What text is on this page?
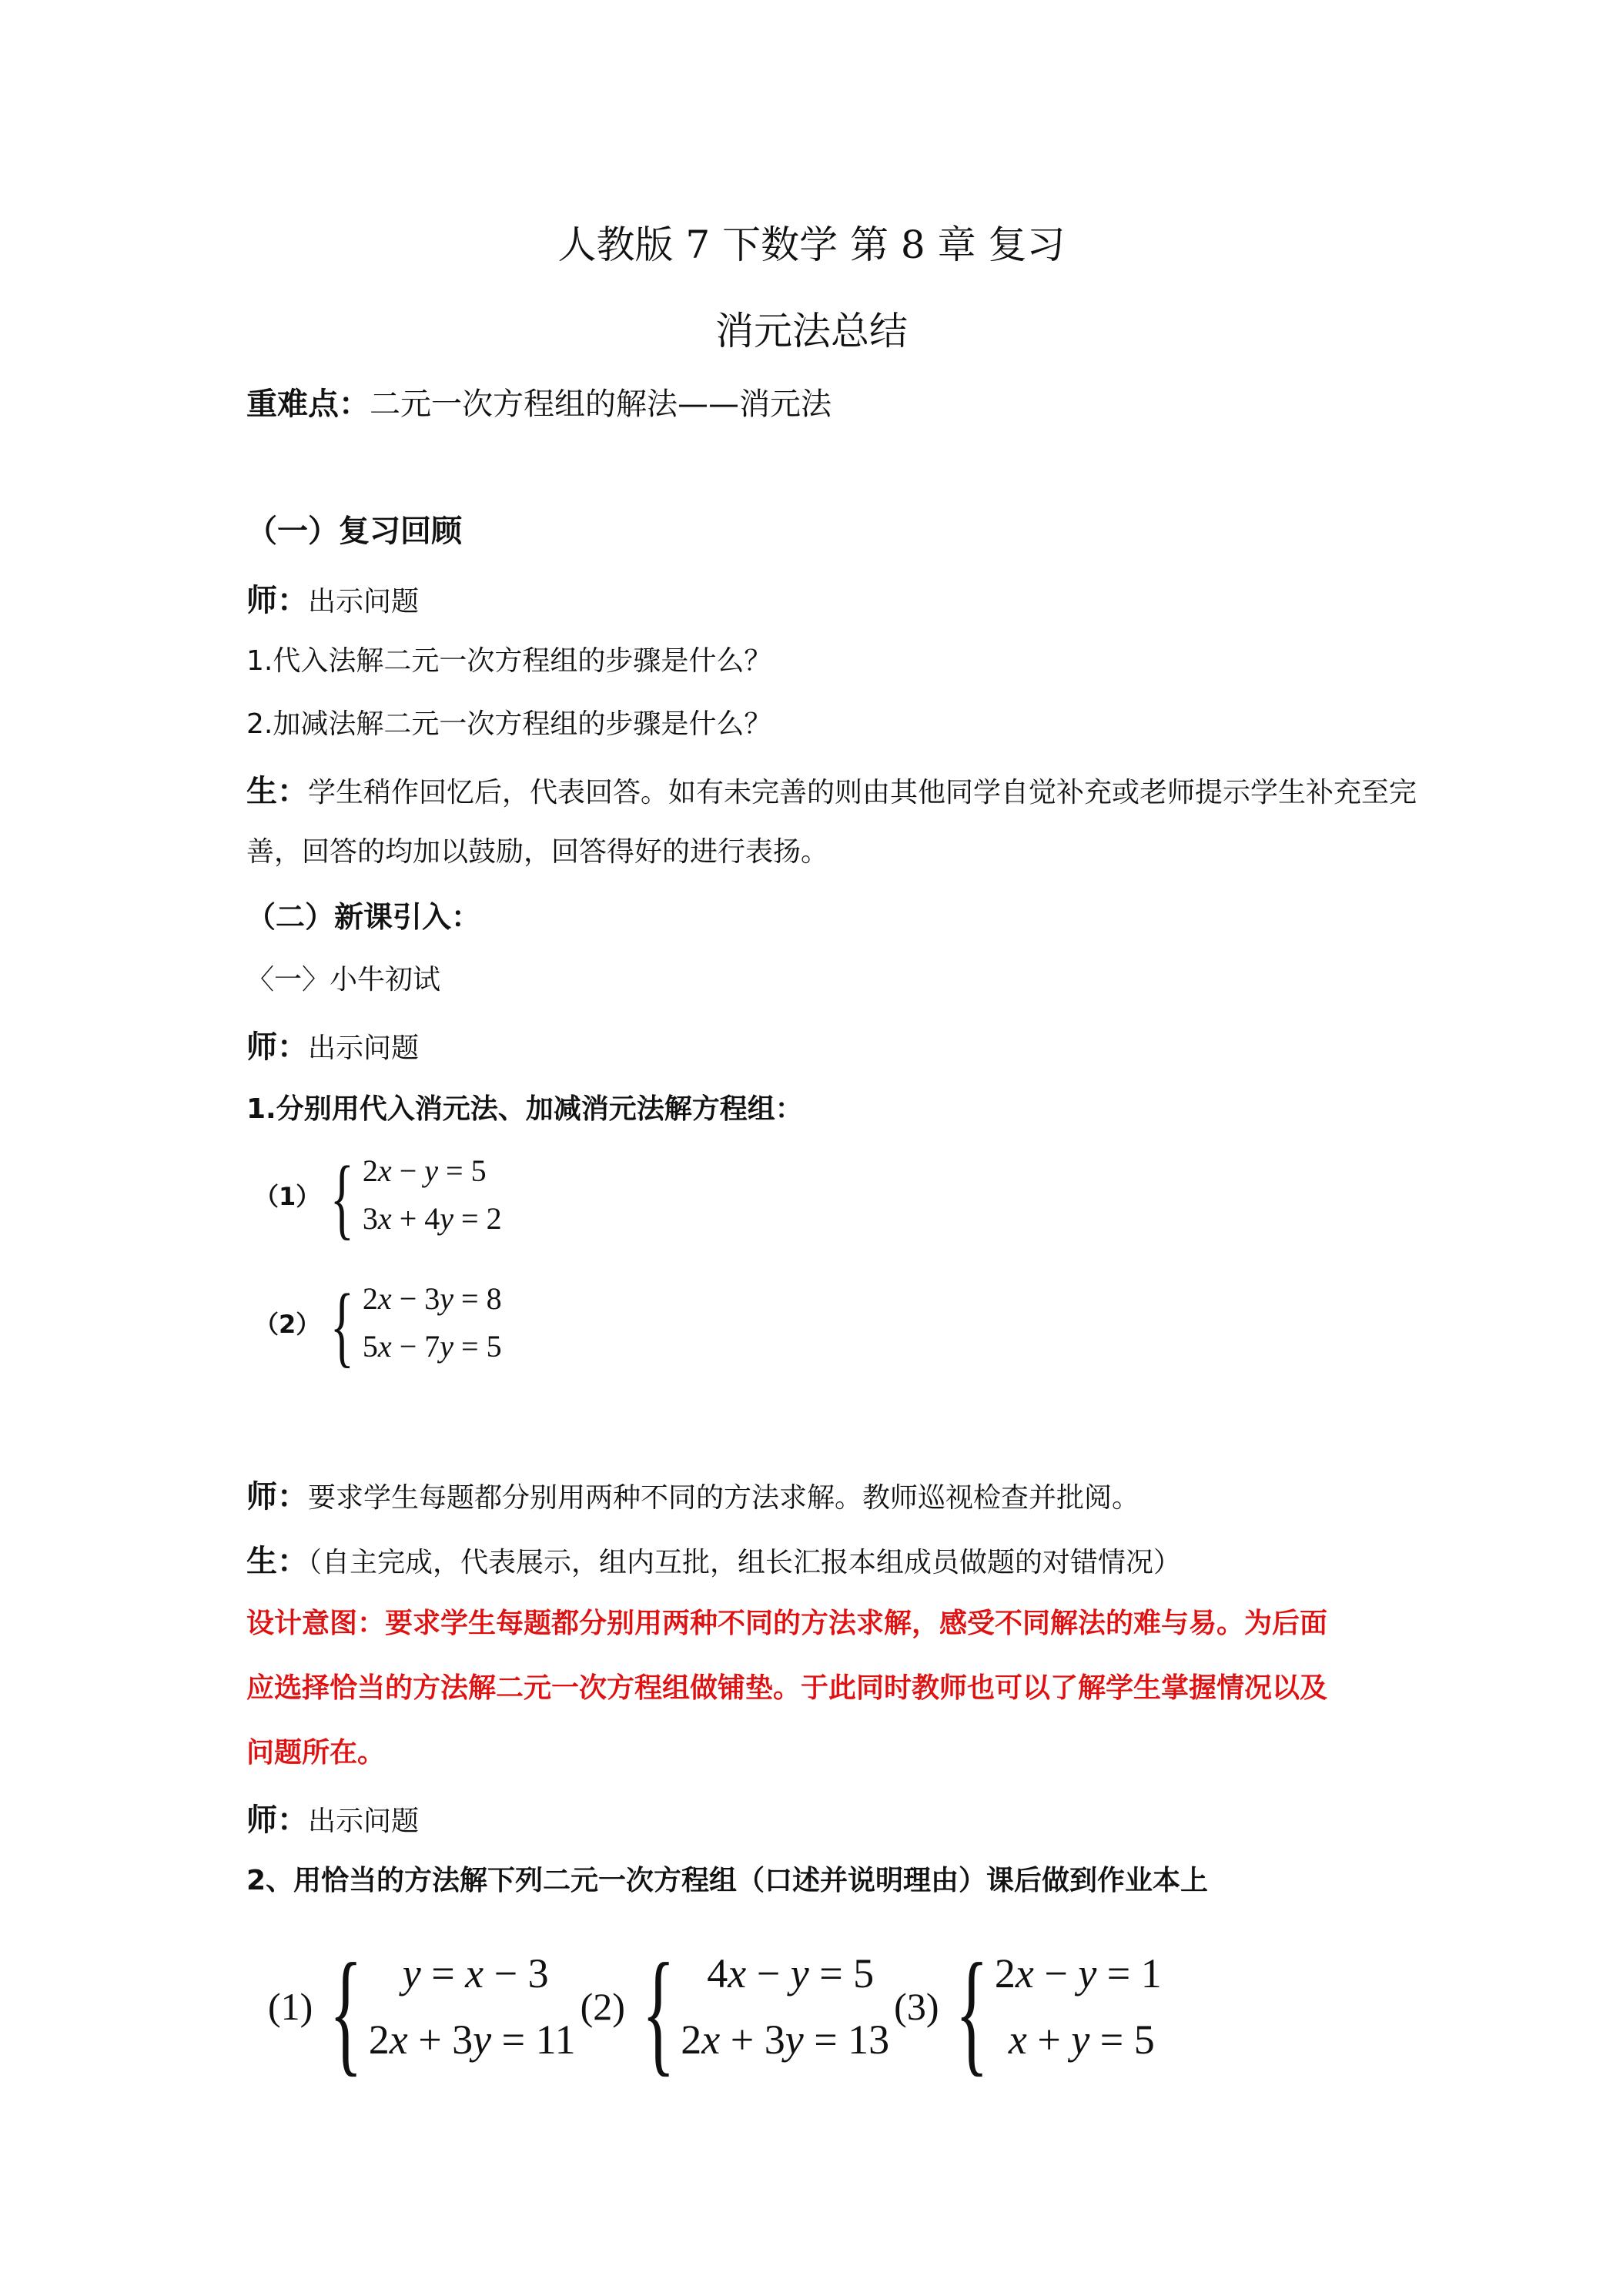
人教版 7 下数学 第 8 章 复习
消元法总结
重难点：二元一次方程组的解法——消元法
（一）复习回顾
师：出示问题
1.代入法解二元一次方程组的步骤是什么？
2.加减法解二元一次方程组的步骤是什么？
生：学生稍作回忆后，代表回答。如有未完善的则由其他同学自觉补充或老师提示学生补充至完
善，回答的均加以鼓励，回答得好的进行表扬。
（二）新课引入：
〈一〉小牛初试
师：出示问题
1.分别用代入消元法、加减消元法解方程组：
（1） { 2x − y = 5
3x + 4y = 2
（2） { 2x − 3y = 8
5x − 7y = 5
师：要求学生每题都分别用两种不同的方法求解。教师巡视检查并批阅。
生：（自主完成，代表展示，组内互批，组长汇报本组成员做题的对错情况）
设计意图：要求学生每题都分别用两种不同的方法求解，感受不同解法的难与易。为后面
应选择恰当的方法解二元一次方程组做铺垫。于此同时教师也可以了解学生掌握情况以及
问题所在。
师：出示问题
2、用恰当的方法解下列二元一次方程组（口述并说明理由）课后做到作业本上
(1) { y = x − 3
2x + 3y = 11
(2) { 4x − y = 5
2x + 3y = 13
(3) { 2x − y = 1
x + y = 5
